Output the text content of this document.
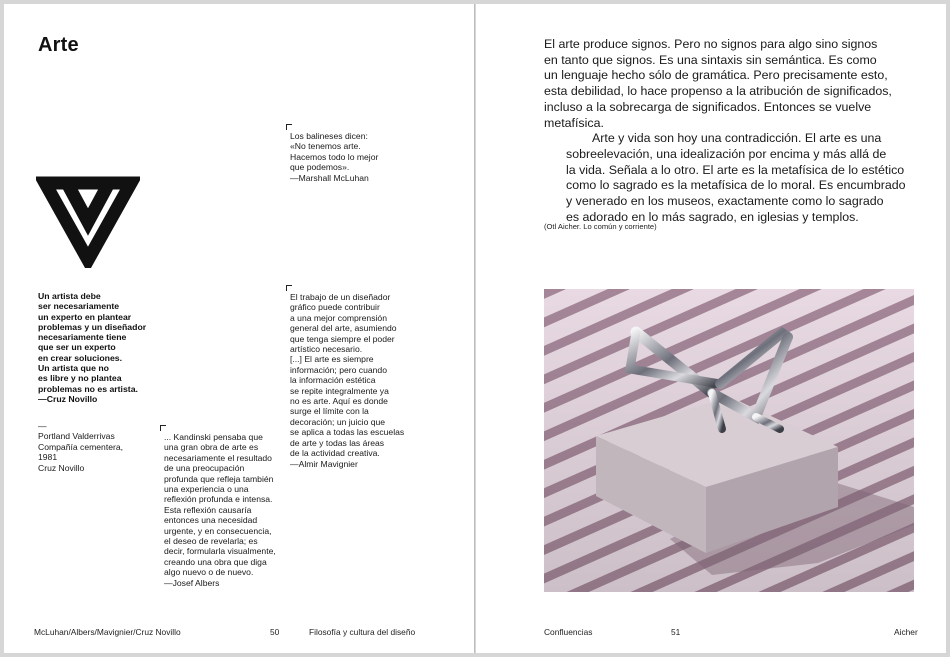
Arte
Los balineses dicen:
«No tenemos arte.
Hacemos todo lo mejor
que podemos».
—Marshall McLuhan
Un artista debe
ser necesariamente
un experto en plantear
problemas y un diseñador
necesariamente tiene
que ser un experto
en crear soluciones.
Un artista que no
es libre y no plantea
problemas no es artista.
—Cruz Novillo
—
Portland Valderrivas
Compañía cementera,
1981
Cruz Novillo
... Kandinski pensaba que
una gran obra de arte es
necesariamente el resultado
de una preocupación
profunda que refleja también
una experiencia o una
reflexión profunda e intensa.
Esta reflexión causaría
entonces una necesidad
urgente, y en consecuencia,
el deseo de revelarla; es
decir, formularla visualmente,
creando una obra que diga
algo nuevo o de nuevo.
—Josef Albers
El trabajo de un diseñador
gráfico puede contribuir
a una mejor comprensión
general del arte, asumiendo
que tenga siempre el poder
artístico necesario.
[...] El arte es siempre
información; pero cuando
la información estética
se repite integralmente ya
no es arte. Aquí es donde
surge el límite con la
decoración; un juicio que
se aplica a todas las escuelas
de arte y todas las áreas
de la actividad creativa.
—Almir Mavignier
McLuhan/Albers/Mavignier/Cruz Novillo	50	Filosofía y cultura del diseño

El arte produce signos. Pero no signos para algo sino signos
en tanto que signos. Es una sintaxis sin semántica. Es como
un lenguaje hecho sólo de gramática. Pero precisamente esto,
esta debilidad, lo hace propenso a la atribución de significados,
incluso a la sobrecarga de significados. Entonces se vuelve
metafísica.

Arte y vida son hoy una contradicción. El arte es una
sobreelevación, una idealización por encima y más allá de
la vida. Señala a lo otro. El arte es la metafísica de lo estético
como lo sagrado es la metafísica de lo moral. Es encumbrado
y venerado en los museos, exactamente como lo sagrado
es adorado en lo más sagrado, en iglesias y templos.

(Otl Aicher. Lo común y corriente)
Confluencias	51	Aicher
